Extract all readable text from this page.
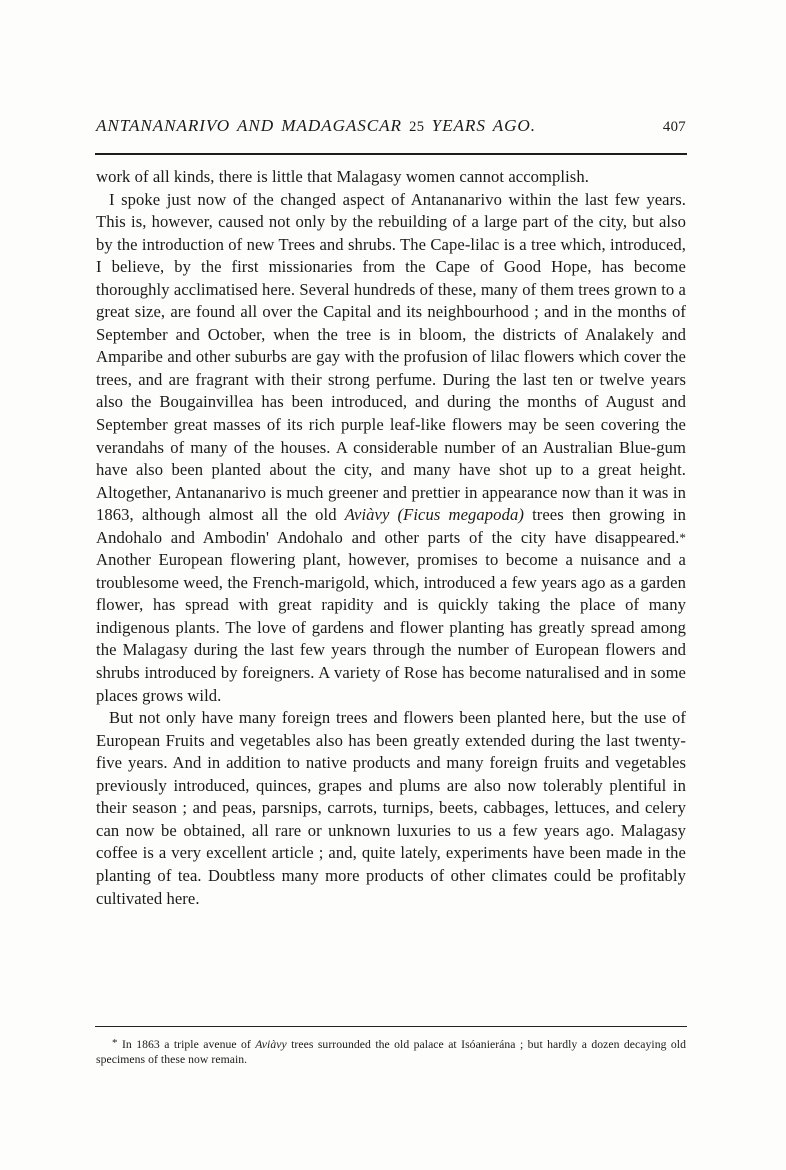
ANTANANARIVO AND MADAGASCAR 25 YEARS AGO.	407

work of all kinds, there is little that Malagasy women cannot accomplish.

I spoke just now of the changed aspect of Antananarivo within the last few years. This is, however, caused not only by the rebuilding of a large part of the city, but also by the introduction of new Trees and shrubs. The Cape-lilac is a tree which, introduced, I believe, by the first missionaries from the Cape of Good Hope, has become thoroughly acclimatised here. Several hundreds of these, many of them trees grown to a great size, are found all over the Capital and its neighbourhood ; and in the months of September and October, when the tree is in bloom, the districts of Analakely and Amparibe and other suburbs are gay with the profusion of lilac flowers which cover the trees, and are fragrant with their strong perfume. During the last ten or twelve years also the Bougainvillea has been introduced, and during the months of August and September great masses of its rich purple leaf-like flowers may be seen covering the verandahs of many of the houses. A considerable number of an Australian Blue-gum have also been planted about the city, and many have shot up to a great height. Altogether, Antananarivo is much greener and prettier in appearance now than it was in 1863, although almost all the old Aviàvy (Ficus megapoda) trees then growing in Andohalo and Ambodin' Andohalo and other parts of the city have disappeared.* Another European flowering plant, however, promises to become a nuisance and a troublesome weed, the French-marigold, which, introduced a few years ago as a garden flower, has spread with great rapidity and is quickly taking the place of many indigenous plants. The love of gardens and flower planting has greatly spread among the Malagasy during the last few years through the number of European flowers and shrubs introduced by foreigners. A variety of Rose has become naturalised and in some places grows wild.

But not only have many foreign trees and flowers been planted here, but the use of European Fruits and vegetables also has been greatly extended during the last twenty-five years. And in addition to native products and many foreign fruits and vegetables previously introduced, quinces, grapes and plums are also now tolerably plentiful in their season ; and peas, parsnips, carrots, turnips, beets, cabbages, lettuces, and celery can now be obtained, all rare or unknown luxuries to us a few years ago. Malagasy coffee is a very excellent article ; and, quite lately, experiments have been made in the planting of tea. Doubtless many more products of other climates could be profitably cultivated here.

* In 1863 a triple avenue of Aviàvy trees surrounded the old palace at Isóanierána ; but hardly a dozen decaying old specimens of these now remain.
